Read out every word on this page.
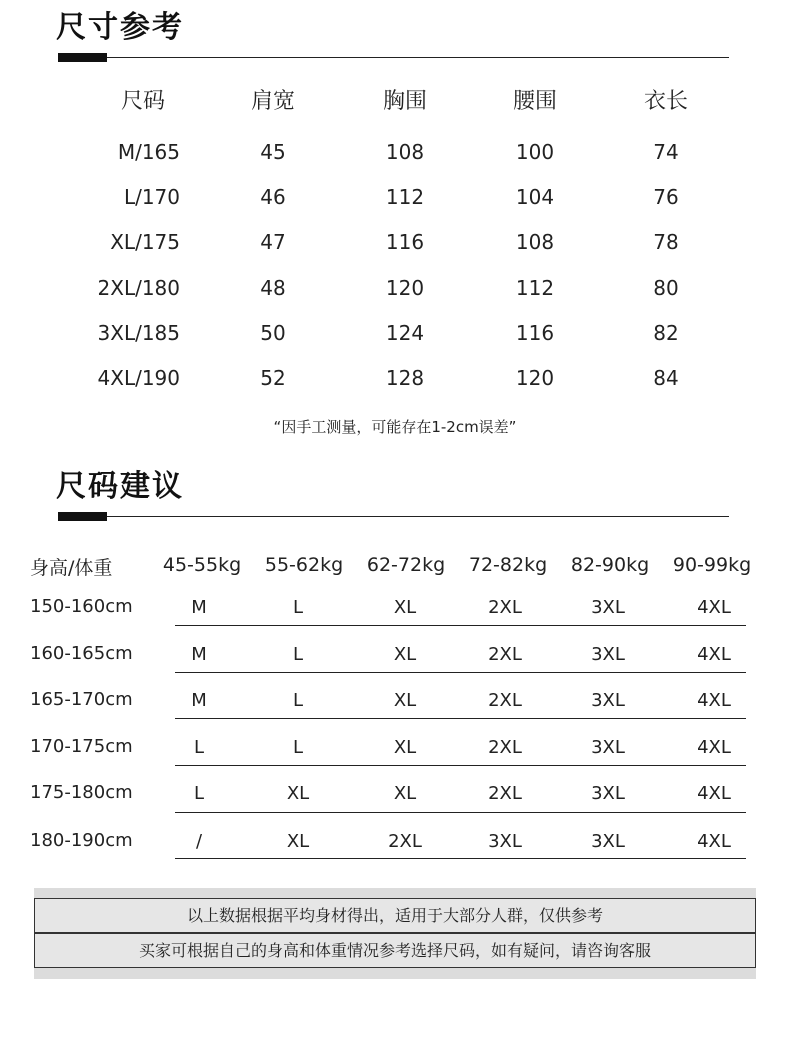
尺寸参考
尺码	肩宽	胸围	腰围	衣长
M/165	45	108	100	74
L/170	46	112	104	76
XL/175	47	116	108	78
2XL/180	48	120	112	80
3XL/185	50	124	116	82
4XL/190	52	128	120	84
“因手工测量，可能存在1-2cm误差”
尺码建议
身高/体重	45-55kg	55-62kg	62-72kg	72-82kg	82-90kg	90-99kg
150-160cm	M	L	XL	2XL	3XL	4XL
160-165cm	M	L	XL	2XL	3XL	4XL
165-170cm	M	L	XL	2XL	3XL	4XL
170-175cm	L	L	XL	2XL	3XL	4XL
175-180cm	L	XL	XL	2XL	3XL	4XL
180-190cm	/	XL	2XL	3XL	3XL	4XL
以上数据根据平均身材得出，适用于大部分人群，仅供参考
买家可根据自己的身高和体重情况参考选择尺码，如有疑问，请咨询客服
